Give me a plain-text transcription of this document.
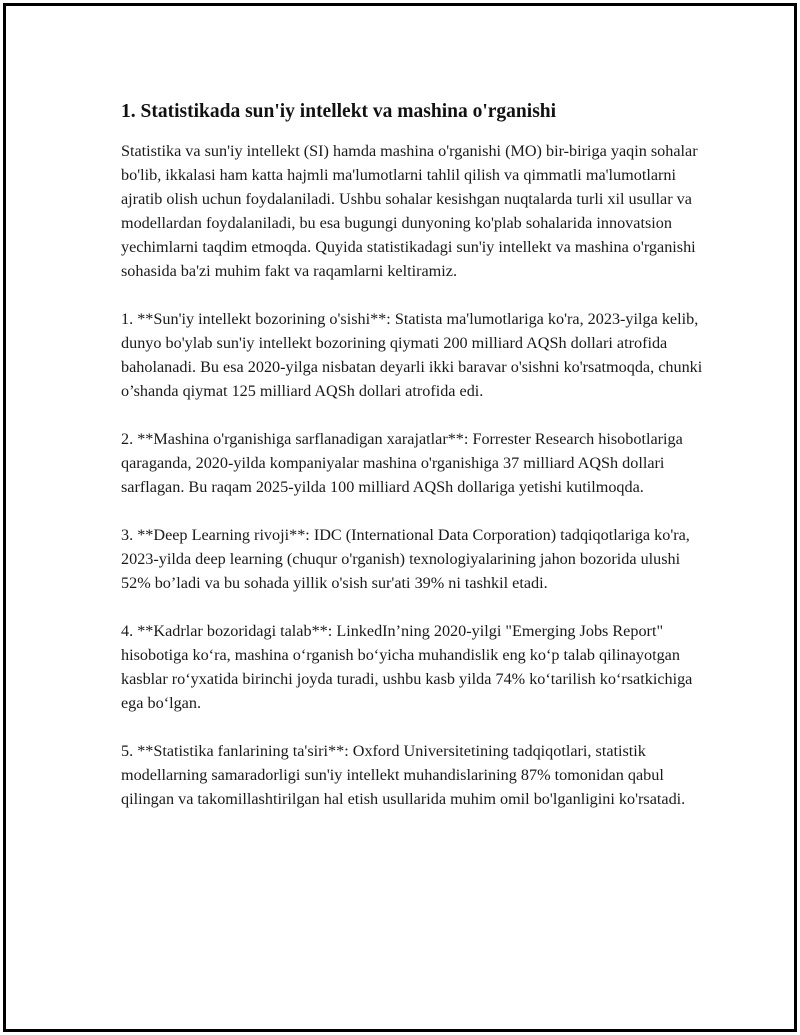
1. Statistikada sun'iy intellekt va mashina o'rganishi

Statistika va sun'iy intellekt (SI) hamda mashina o'rganishi (MO) bir-biriga yaqin sohalar bo'lib, ikkalasi ham katta hajmli ma'lumotlarni tahlil qilish va qimmatli ma'lumotlarni ajratib olish uchun foydalaniladi. Ushbu sohalar kesishgan nuqtalarda turli xil usullar va modellardan foydalaniladi, bu esa bugungi dunyoning ko'plab sohalarida innovatsion yechimlarni taqdim etmoqda. Quyida statistikadagi sun'iy intellekt va mashina o'rganishi sohasida ba'zi muhim fakt va raqamlarni keltiramiz.

1. **Sun'iy intellekt bozorining o'sishi**: Statista ma'lumotlariga ko'ra, 2023-yilga kelib, dunyo bo'ylab sun'iy intellekt bozorining qiymati 200 milliard AQSh dollari atrofida baholanadi. Bu esa 2020-yilga nisbatan deyarli ikki baravar o'sishni ko'rsatmoqda, chunki o’shanda qiymat 125 milliard AQSh dollari atrofida edi.

2. **Mashina o'rganishiga sarflanadigan xarajatlar**: Forrester Research hisobotlariga qaraganda, 2020-yilda kompaniyalar mashina o'rganishiga 37 milliard AQSh dollari sarflagan. Bu raqam 2025-yilda 100 milliard AQSh dollariga yetishi kutilmoqda.

3. **Deep Learning rivoji**: IDC (International Data Corporation) tadqiqotlariga ko'ra, 2023-yilda deep learning (chuqur o'rganish) texnologiyalarining jahon bozorida ulushi 52% bo’ladi va bu sohada yillik o'sish sur'ati 39% ni tashkil etadi.

4. **Kadrlar bozoridagi talab**: LinkedIn’ning 2020-yilgi "Emerging Jobs Report" hisobotiga ko‘ra, mashina o‘rganish bo‘yicha muhandislik eng ko‘p talab qilinayotgan kasblar ro‘yxatida birinchi joyda turadi, ushbu kasb yilda 74% ko‘tarilish ko‘rsatkichiga ega bo‘lgan.

5. **Statistika fanlarining ta'siri**: Oxford Universitetining tadqiqotlari, statistik modellarning samaradorligi sun'iy intellekt muhandislarining 87% tomonidan qabul qilingan va takomillashtirilgan hal etish usullarida muhim omil bo'lganligini ko'rsatadi.
